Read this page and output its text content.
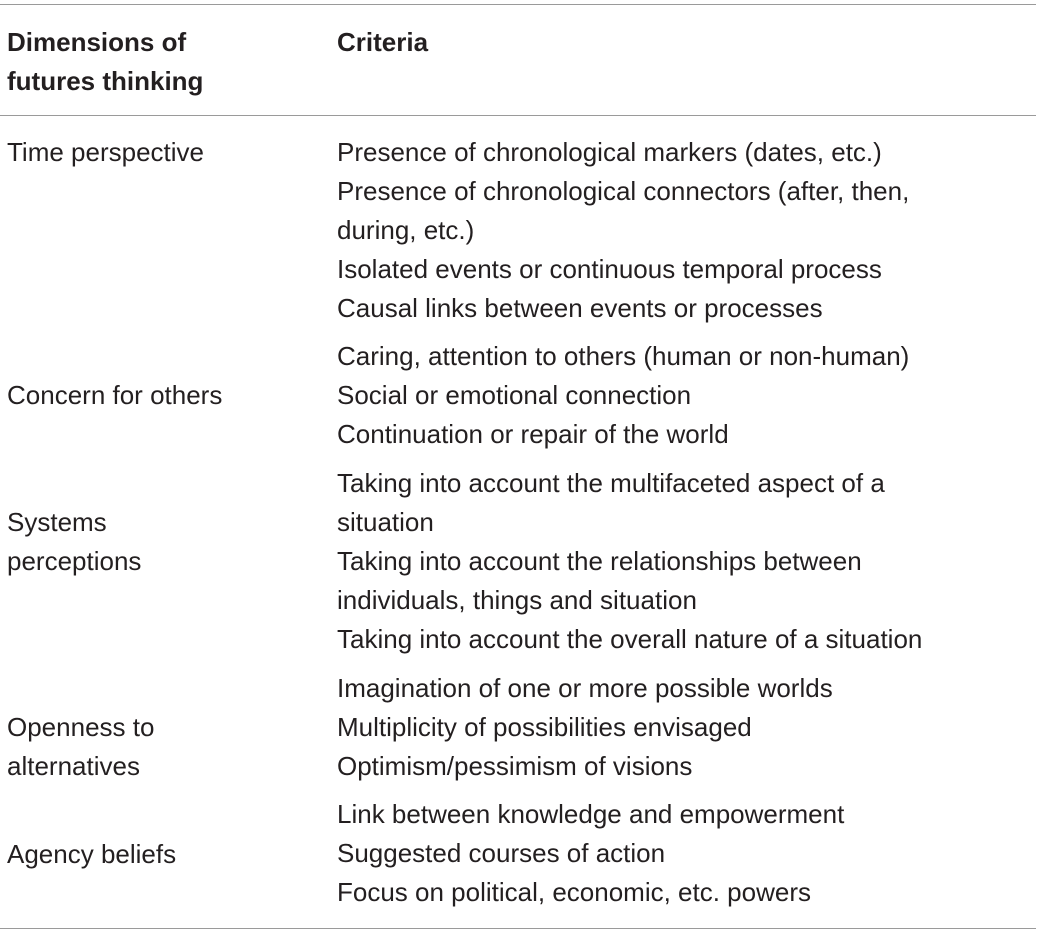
Dimensions of
futures thinking
Criteria
Time perspective	Presence of chronological markers (dates, etc.)
Presence of chronological connectors (after, then,
during, etc.)
Isolated events or continuous temporal process
Causal links between events or processes
Concern for others
Caring, attention to others (human or non-human)
Social or emotional connection
Continuation or repair of the world
Systems
perceptions
Taking into account the multifaceted aspect of a
situation
Taking into account the relationships between
individuals, things and situation
Taking into account the overall nature of a situation
Openness to
alternatives
Imagination of one or more possible worlds
Multiplicity of possibilities envisaged
Optimism/pessimism of visions
Agency beliefs
Link between knowledge and empowerment
Suggested courses of action
Focus on political, economic, etc. powers
